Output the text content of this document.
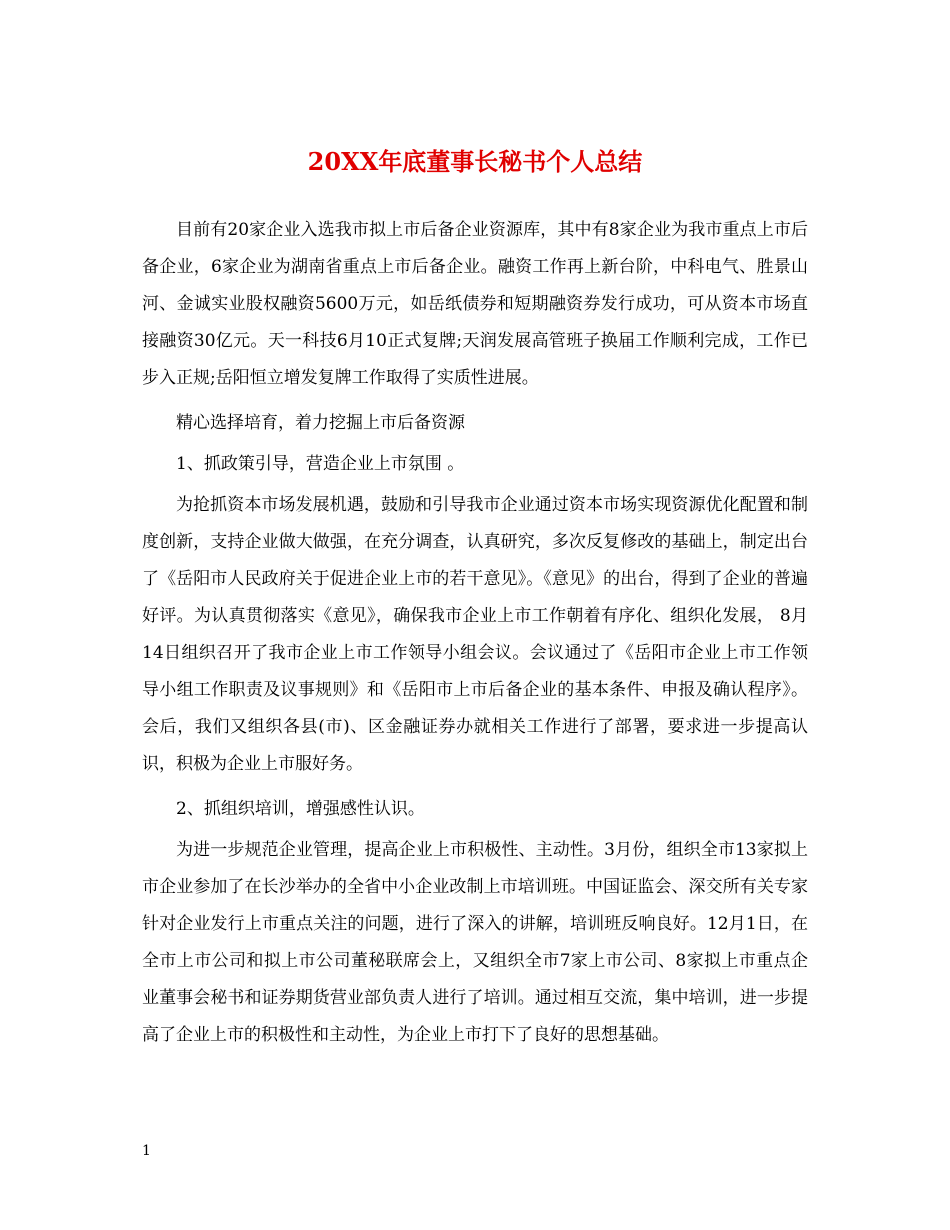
20XX年底董事长秘书个人总结

目前有20家企业入选我市拟上市后备企业资源库，其中有8家企业为我市重点上市后备企业，6家企业为湖南省重点上市后备企业。融资工作再上新台阶，中科电气、胜景山河、金诚实业股权融资5600万元，如岳纸债券和短期融资券发行成功，可从资本市场直接融资30亿元。天一科技6月10正式复牌;天润发展高管班子换届工作顺利完成，工作已步入正规;岳阳恒立增发复牌工作取得了实质性进展。

精心选择培育，着力挖掘上市后备资源

1、抓政策引导，营造企业上市氛围 。

为抢抓资本市场发展机遇，鼓励和引导我市企业通过资本市场实现资源优化配置和制度创新，支持企业做大做强，在充分调查，认真研究，多次反复修改的基础上，制定出台了《岳阳市人民政府关于促进企业上市的若干意见》。《意见》的出台，得到了企业的普遍好评。为认真贯彻落实《意见》，确保我市企业上市工作朝着有序化、组织化发展， 8月14日组织召开了我市企业上市工作领导小组会议。会议通过了《岳阳市企业上市工作领导小组工作职责及议事规则》和《岳阳市上市后备企业的基本条件、申报及确认程序》。会后，我们又组织各县(市)、区金融证券办就相关工作进行了部署，要求进一步提高认识，积极为企业上市服好务。

2、抓组织培训，增强感性认识。

为进一步规范企业管理，提高企业上市积极性、主动性。3月份，组织全市13家拟上市企业参加了在长沙举办的全省中小企业改制上市培训班。中国证监会、深交所有关专家针对企业发行上市重点关注的问题，进行了深入的讲解，培训班反响良好。12月1日，在全市上市公司和拟上市公司董秘联席会上，又组织全市7家上市公司、8家拟上市重点企业董事会秘书和证券期货营业部负责人进行了培训。通过相互交流，集中培训，进一步提高了企业上市的积极性和主动性，为企业上市打下了良好的思想基础。

1
